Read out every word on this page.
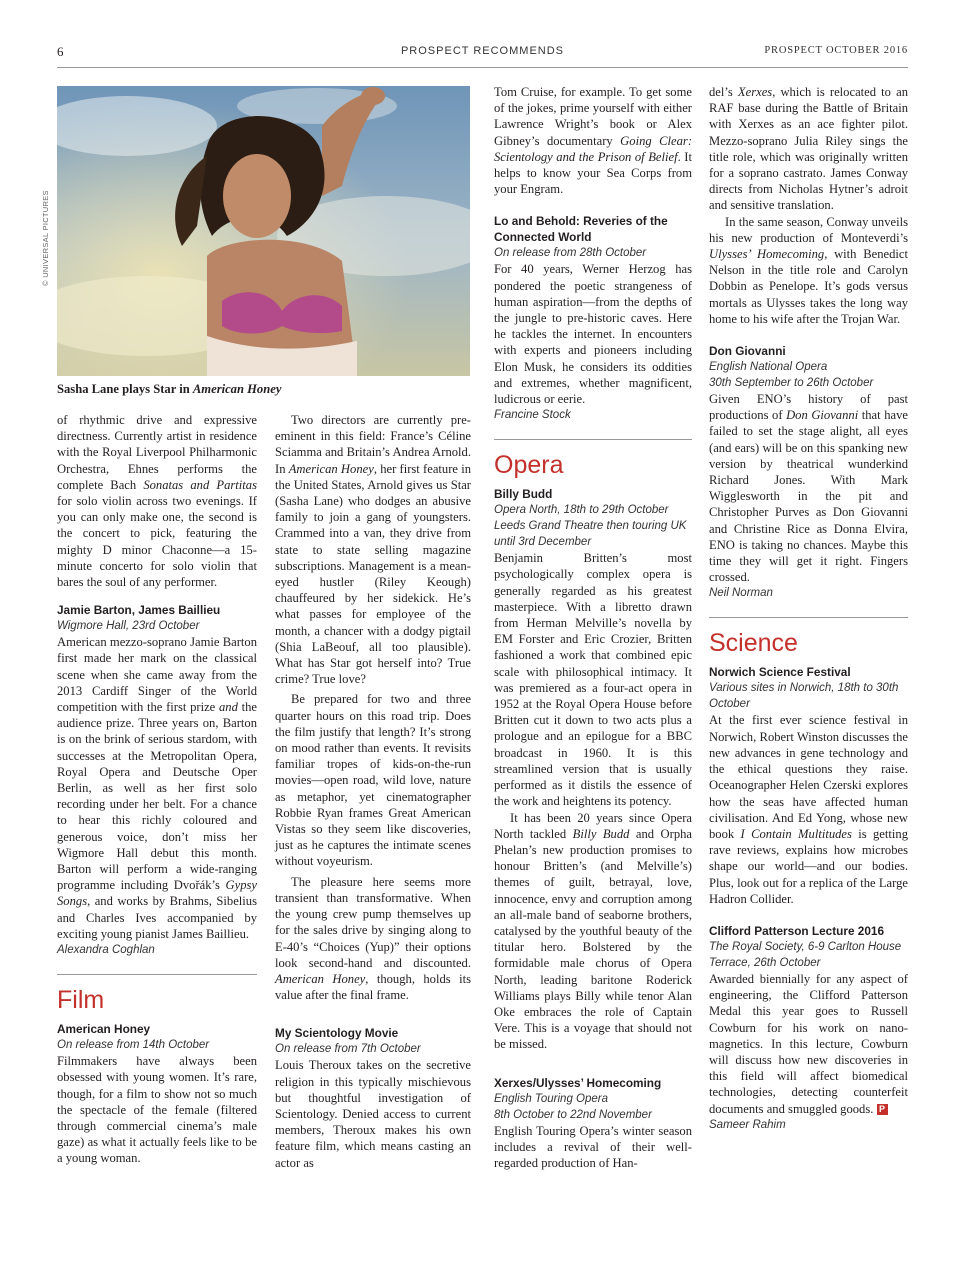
6	PROSPECT RECOMMENDS	PROSPECT OCTOBER 2016
© UNIVERSAL PICTURES
Sasha Lane plays Star in American Honey

of rhythmic drive and expressive directness. Currently artist in residence with the Royal Liverpool Philharmonic Orchestra, Ehnes performs the complete Bach Sonatas and Partitas for solo violin across two evenings. If you can only make one, the second is the concert to pick, featuring the mighty D minor Chaconne—a 15-minute concerto for solo violin that bares the soul of any performer.

Jamie Barton, James Baillieu
Wigmore Hall, 23rd October

American mezzo-soprano Jamie Barton first made her mark on the classical scene when she came away from the 2013 Cardiff Singer of the World competition with the first prize and the audience prize. Three years on, Barton is on the brink of serious stardom, with successes at the Metropolitan Opera, Royal Opera and Deutsche Oper Berlin, as well as her first solo recording under her belt. For a chance to hear this richly coloured and generous voice, don’t miss her Wigmore Hall debut this month. Barton will perform a wide-ranging programme including Dvořák’s Gypsy Songs, and works by Brahms, Sibelius and Charles Ives accompanied by exciting young pianist James Baillieu.

Alexandra Coghlan
Film
American Honey
On release from 14th October

Filmmakers have always been obsessed with young women. It’s rare, though, for a film to show not so much the spectacle of the female (filtered through commercial cinema’s male gaze) as what it actually feels like to be a young woman.

Two directors are currently pre-eminent in this field: France’s Céline Sciamma and Britain’s Andrea Arnold. In American Honey, her first feature in the United States, Arnold gives us Star (Sasha Lane) who dodges an abusive family to join a gang of youngsters. Crammed into a van, they drive from state to state selling magazine subscriptions. Management is a mean-eyed hustler (Riley Keough) chauffeured by her sidekick. He’s what passes for employee of the month, a chancer with a dodgy pigtail (Shia LaBeouf, all too plausible). What has Star got herself into? True crime? True love?

Be prepared for two and three quarter hours on this road trip. Does the film justify that length? It’s strong on mood rather than events. It revisits familiar tropes of kids-on-the-run movies—open road, wild love, nature as metaphor, yet cinematographer Robbie Ryan frames Great American Vistas so they seem like discoveries, just as he captures the intimate scenes without voyeurism.

The pleasure here seems more transient than transformative. When the young crew pump themselves up for the sales drive by singing along to E-40’s “Choices (Yup)” their options look second-hand and discounted. American Honey, though, holds its value after the final frame.

My Scientology Movie
On release from 7th October

Louis Theroux takes on the secretive religion in this typically mischievous but thoughtful investigation of Scientology. Denied access to current members, Theroux makes his own feature film, which means casting an actor as

Tom Cruise, for example. To get some of the jokes, prime yourself with either Lawrence Wright’s book or Alex Gibney’s documentary Going Clear: Scientology and the Prison of Belief. It helps to know your Sea Corps from your Engram.

Lo and Behold: Reveries of the Connected World
On release from 28th October

For 40 years, Werner Herzog has pondered the poetic strangeness of human aspiration—from the depths of the jungle to pre-historic caves. Here he tackles the internet. In encounters with experts and pioneers including Elon Musk, he considers its oddities and extremes, whether magnificent, ludicrous or eerie.

Francine Stock
Opera
Billy Budd
Opera North, 18th to 29th October
Leeds Grand Theatre then touring UK until 3rd December

Benjamin Britten’s most psychologically complex opera is generally regarded as his greatest masterpiece. With a libretto drawn from Herman Melville’s novella by EM Forster and Eric Crozier, Britten fashioned a work that combined epic scale with philosophical intimacy. It was premiered as a four-act opera in 1952 at the Royal Opera House before Britten cut it down to two acts plus a prologue and an epilogue for a BBC broadcast in 1960. It is this streamlined version that is usually performed as it distils the essence of the work and heightens its potency.

It has been 20 years since Opera North tackled Billy Budd and Orpha Phelan’s new production promises to honour Britten’s (and Melville’s) themes of guilt, betrayal, love, innocence, envy and corruption among an all-male band of seaborne brothers, catalysed by the youthful beauty of the titular hero. Bolstered by the formidable male chorus of Opera North, leading baritone Roderick Williams plays Billy while tenor Alan Oke embraces the role of Captain Vere. This is a voyage that should not be missed.

Xerxes/Ulysses’ Homecoming
English Touring Opera
8th October to 22nd November

English Touring Opera’s winter season includes a revival of their well-regarded production of Han-

del’s Xerxes, which is relocated to an RAF base during the Battle of Britain with Xerxes as an ace fighter pilot. Mezzo-soprano Julia Riley sings the title role, which was originally written for a soprano castrato. James Conway directs from Nicholas Hytner’s adroit and sensitive translation.

In the same season, Conway unveils his new production of Monteverdi’s Ulysses’ Homecoming, with Benedict Nelson in the title role and Carolyn Dobbin as Penelope. It’s gods versus mortals as Ulysses takes the long way home to his wife after the Trojan War.

Don Giovanni
English National Opera
30th September to 26th October

Given ENO’s history of past productions of Don Giovanni that have failed to set the stage alight, all eyes (and ears) will be on this spanking new version by theatrical wunderkind Richard Jones. With Mark Wigglesworth in the pit and Christopher Purves as Don Giovanni and Christine Rice as Donna Elvira, ENO is taking no chances. Maybe this time they will get it right. Fingers crossed.

Neil Norman
Science
Norwich Science Festival
Various sites in Norwich, 18th to 30th October

At the first ever science festival in Norwich, Robert Winston discusses the new advances in gene technology and the ethical questions they raise. Oceanographer Helen Czerski explores how the seas have affected human civilisation. And Ed Yong, whose new book I Contain Multitudes is getting rave reviews, explains how microbes shape our world—and our bodies. Plus, look out for a replica of the Large Hadron Collider.

Clifford Patterson Lecture 2016
The Royal Society, 6-9 Carlton House Terrace, 26th October

Awarded biennially for any aspect of engineering, the Clifford Patterson Medal this year goes to Russell Cowburn for his work on nano-magnetics. In this lecture, Cowburn will discuss how new discoveries in this field will affect biomedical technologies, detecting counterfeit documents and smuggled goods. P

Sameer Rahim
